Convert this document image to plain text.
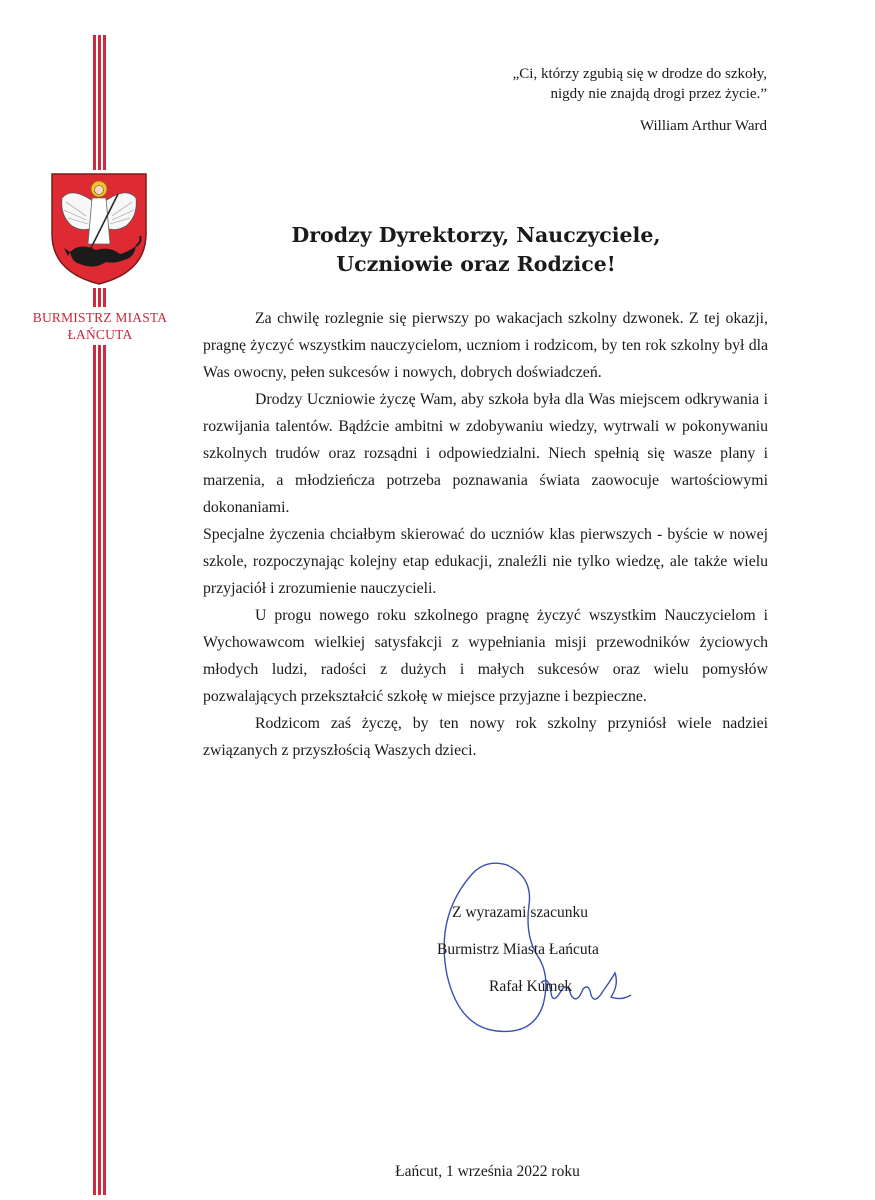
BURMISTRZ MIASTA
ŁAŃCUTA
„Ci, którzy zgubią się w drodze do szkoły,
nigdy nie znajdą drogi przez życie.”
William Arthur Ward
Drodzy Dyrektorzy, Nauczyciele,
Uczniowie oraz Rodzice!

Za chwilę rozlegnie się pierwszy po wakacjach szkolny dzwonek. Z tej okazji, pragnę życzyć wszystkim nauczycielom, uczniom i rodzicom, by ten rok szkolny był dla Was owocny, pełen sukcesów i nowych, dobrych doświadczeń.

Drodzy Uczniowie życzę Wam, aby szkoła była dla Was miejscem odkrywania i rozwijania talentów. Bądźcie ambitni w zdobywaniu wiedzy, wytrwali w pokonywaniu szkolnych trudów oraz rozsądni i odpowiedzialni. Niech spełnią się wasze plany i marzenia, a młodzieńcza potrzeba poznawania świata zaowocuje wartościowymi dokonaniami.

Specjalne życzenia chciałbym skierować do uczniów klas pierwszych - byście w nowej szkole, rozpoczynając kolejny etap edukacji, znaleźli nie tylko wiedzę, ale także wielu przyjaciół i zrozumienie nauczycieli.

U progu nowego roku szkolnego pragnę życzyć wszystkim Nauczycielom i Wychowawcom wielkiej satysfakcji z wypełniania misji przewodników życiowych młodych ludzi, radości z dużych i małych sukcesów oraz wielu pomysłów pozwalających przekształcić szkołę w miejsce przyjazne i bezpieczne.

Rodzicom zaś życzę, by ten nowy rok szkolny przyniósł wiele nadziei związanych z przyszłością Waszych dzieci.

Z wyrazami szacunku
Burmistrz Miasta Łańcuta
Rafał Kumek
Łańcut, 1 września 2022 roku
